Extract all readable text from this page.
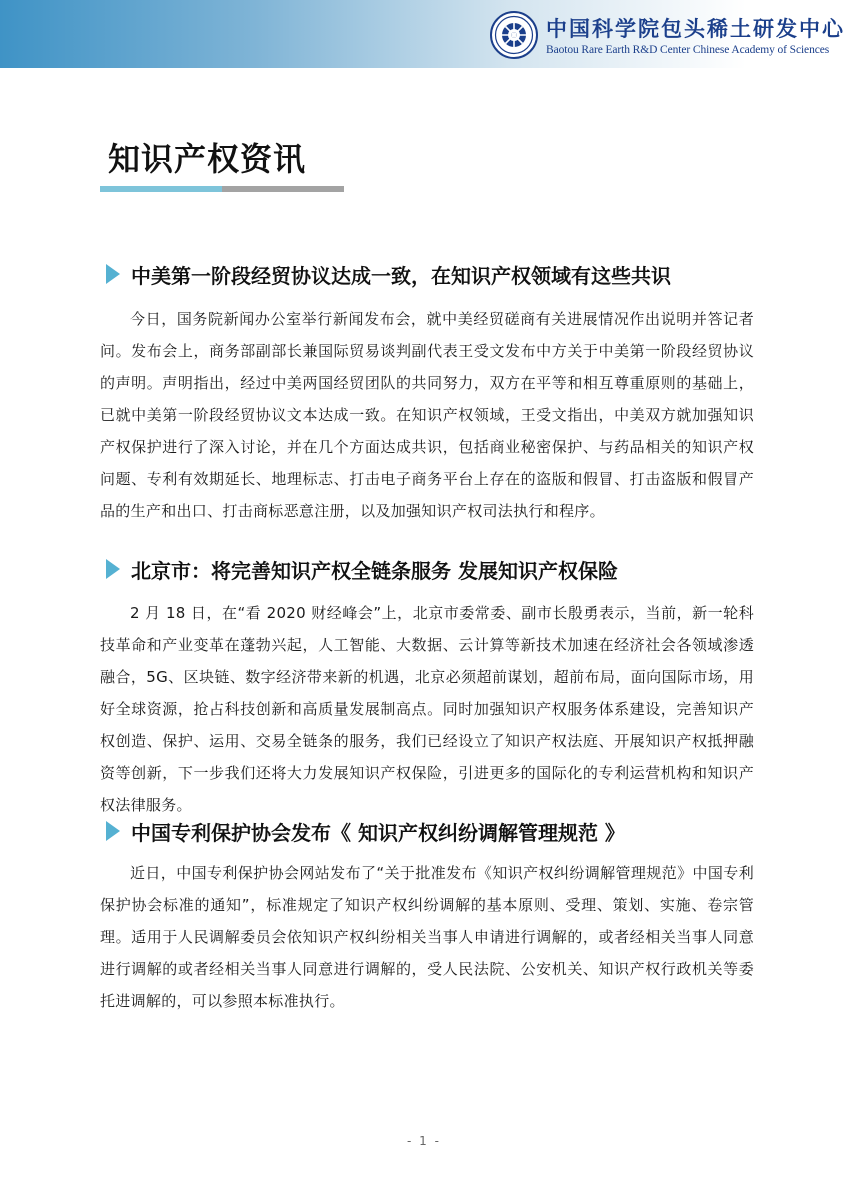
中国科学院包头稀土研发中心
Baotou Rare Earth R&D Center Chinese Academy of Sciences
知识产权资讯
中美第一阶段经贸协议达成一致，在知识产权领域有这些共识

今日，国务院新闻办公室举行新闻发布会，就中美经贸磋商有关进展情况作出说明并答记者问。发布会上，商务部副部长兼国际贸易谈判副代表王受文发布中方关于中美第一阶段经贸协议的声明。声明指出，经过中美两国经贸团队的共同努力，双方在平等和相互尊重原则的基础上，已就中美第一阶段经贸协议文本达成一致。在知识产权领域，王受文指出，中美双方就加强知识产权保护进行了深入讨论，并在几个方面达成共识，包括商业秘密保护、与药品相关的知识产权问题、专利有效期延长、地理标志、打击电子商务平台上存在的盗版和假冒、打击盗版和假冒产品的生产和出口、打击商标恶意注册，以及加强知识产权司法执行和程序。

北京市：将完善知识产权全链条服务 发展知识产权保险

2 月 18 日，在“看 2020 财经峰会”上，北京市委常委、副市长殷勇表示，当前，新一轮科技革命和产业变革在蓬勃兴起，人工智能、大数据、云计算等新技术加速在经济社会各领域渗透融合，5G、区块链、数字经济带来新的机遇，北京必须超前谋划，超前布局，面向国际市场，用好全球资源，抢占科技创新和高质量发展制高点。同时加强知识产权服务体系建设，完善知识产权创造、保护、运用、交易全链条的服务，我们已经设立了知识产权法庭、开展知识产权抵押融资等创新，下一步我们还将大力发展知识产权保险，引进更多的国际化的专利运营机构和知识产权法律服务。

中国专利保护协会发布《 知识产权纠纷调解管理规范 》

近日，中国专利保护协会网站发布了“关于批准发布《知识产权纠纷调解管理规范》中国专利保护协会标准的通知”，标准规定了知识产权纠纷调解的基本原则、受理、策划、实施、卷宗管理。适用于人民调解委员会依知识产权纠纷相关当事人申请进行调解的，或者经相关当事人同意进行调解的或者经相关当事人同意进行调解的，受人民法院、公安机关、知识产权行政机关等委托进调解的，可以参照本标准执行。

- 1 -
